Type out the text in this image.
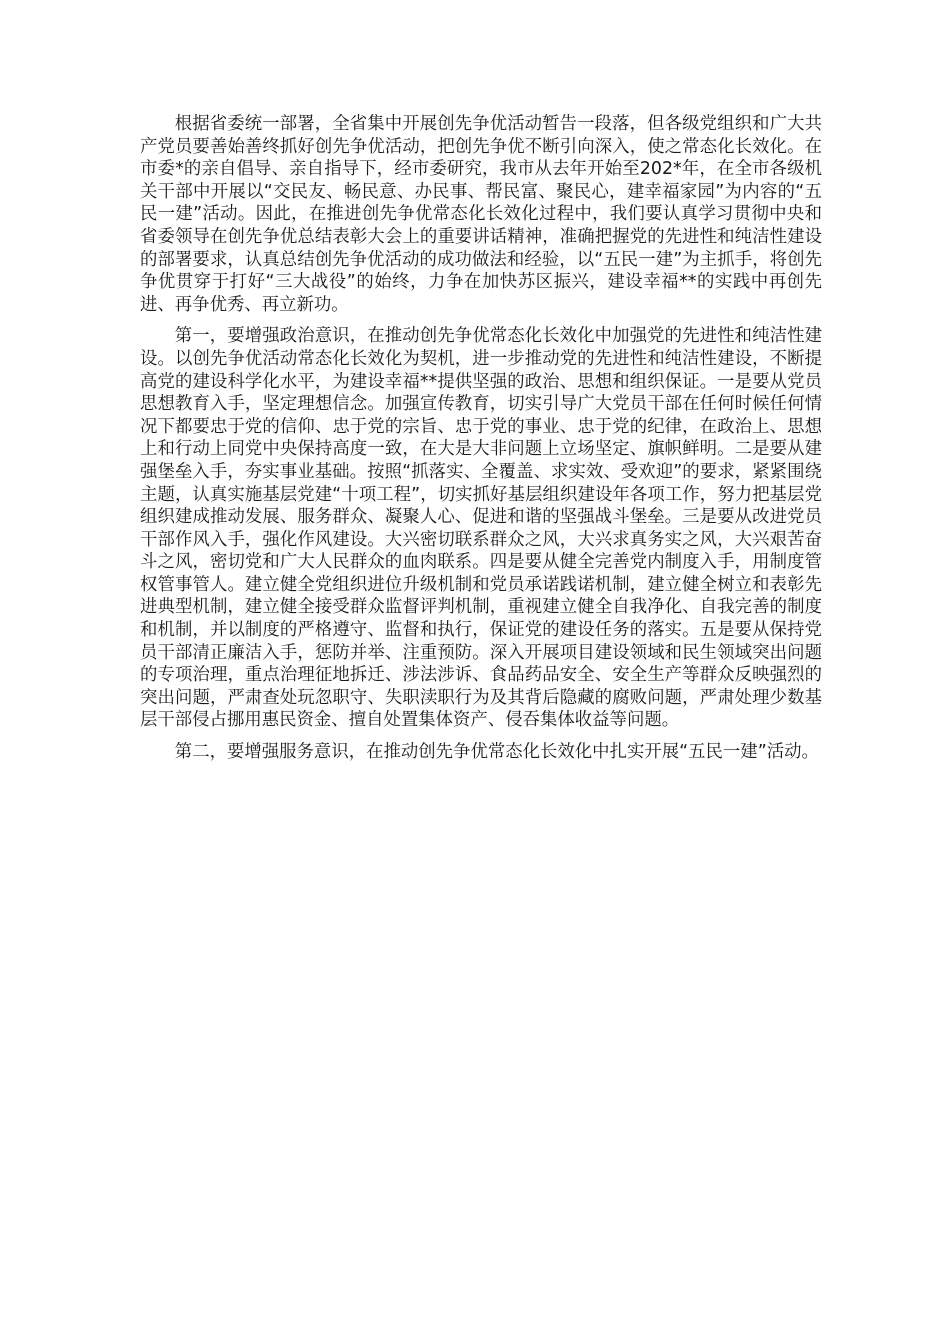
根据省委统一部署，全省集中开展创先争优活动暂告一段落，但各级党组织和广大共产党员要善始善终抓好创先争优活动，把创先争优不断引向深入，使之常态化长效化。在市委*的亲自倡导、亲自指导下，经市委研究，我市从去年开始至202*年，在全市各级机关干部中开展以“交民友、畅民意、办民事、帮民富、聚民心，建幸福家园”为内容的“五民一建”活动。因此，在推进创先争优常态化长效化过程中，我们要认真学习贯彻中央和省委领导在创先争优总结表彰大会上的重要讲话精神，准确把握党的先进性和纯洁性建设的部署要求，认真总结创先争优活动的成功做法和经验，以“五民一建”为主抓手，将创先争优贯穿于打好“三大战役”的始终，力争在加快苏区振兴，建设幸福**的实践中再创先进、再争优秀、再立新功。

第一，要增强政治意识，在推动创先争优常态化长效化中加强党的先进性和纯洁性建设。以创先争优活动常态化长效化为契机，进一步推动党的先进性和纯洁性建设，不断提高党的建设科学化水平，为建设幸福**提供坚强的政治、思想和组织保证。一是要从党员思想教育入手，坚定理想信念。加强宣传教育，切实引导广大党员干部在任何时候任何情况下都要忠于党的信仰、忠于党的宗旨、忠于党的事业、忠于党的纪律，在政治上、思想上和行动上同党中央保持高度一致，在大是大非问题上立场坚定、旗帜鲜明。二是要从建强堡垒入手，夯实事业基础。按照“抓落实、全覆盖、求实效、受欢迎”的要求，紧紧围绕主题，认真实施基层党建“十项工程”，切实抓好基层组织建设年各项工作，努力把基层党组织建成推动发展、服务群众、凝聚人心、促进和谐的坚强战斗堡垒。三是要从改进党员干部作风入手，强化作风建设。大兴密切联系群众之风，大兴求真务实之风，大兴艰苦奋斗之风，密切党和广大人民群众的血肉联系。四是要从健全完善党内制度入手，用制度管权管事管人。建立健全党组织进位升级机制和党员承诺践诺机制，建立健全树立和表彰先进典型机制，建立健全接受群众监督评判机制，重视建立健全自我净化、自我完善的制度和机制，并以制度的严格遵守、监督和执行，保证党的建设任务的落实。五是要从保持党员干部清正廉洁入手，惩防并举、注重预防。深入开展项目建设领域和民生领域突出问题的专项治理，重点治理征地拆迁、涉法涉诉、食品药品安全、安全生产等群众反映强烈的突出问题，严肃查处玩忽职守、失职渎职行为及其背后隐藏的腐败问题，严肃处理少数基层干部侵占挪用惠民资金、擅自处置集体资产、侵吞集体收益等问题。

第二，要增强服务意识，在推动创先争优常态化长效化中扎实开展“五民一建”活动。
